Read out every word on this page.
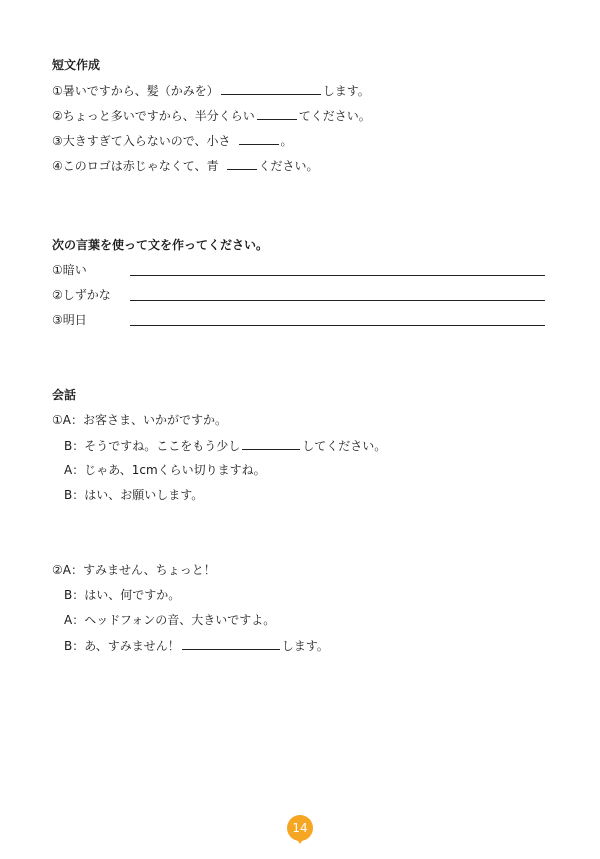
短文作成
①暑いですから、髪（かみを）	します。
②ちょっと多いですから、半分くらい	てください。
③大きすぎて入らないので、小さ	。
④このロゴは赤じゃなくて、青	ください。
次の言葉を使って文を作ってください。
①暗い
②しずかな
③明日
会話
①A：お客さま、いかがですか。
B：そうですね。ここをもう少し	してください。
A：じゃあ、1cmくらい切りますね。
B：はい、お願いします。
②A：すみません、ちょっと！
B：はい、何ですか。
A：ヘッドフォンの音、大きいですよ。
B：あ、すみません！	します。
14
